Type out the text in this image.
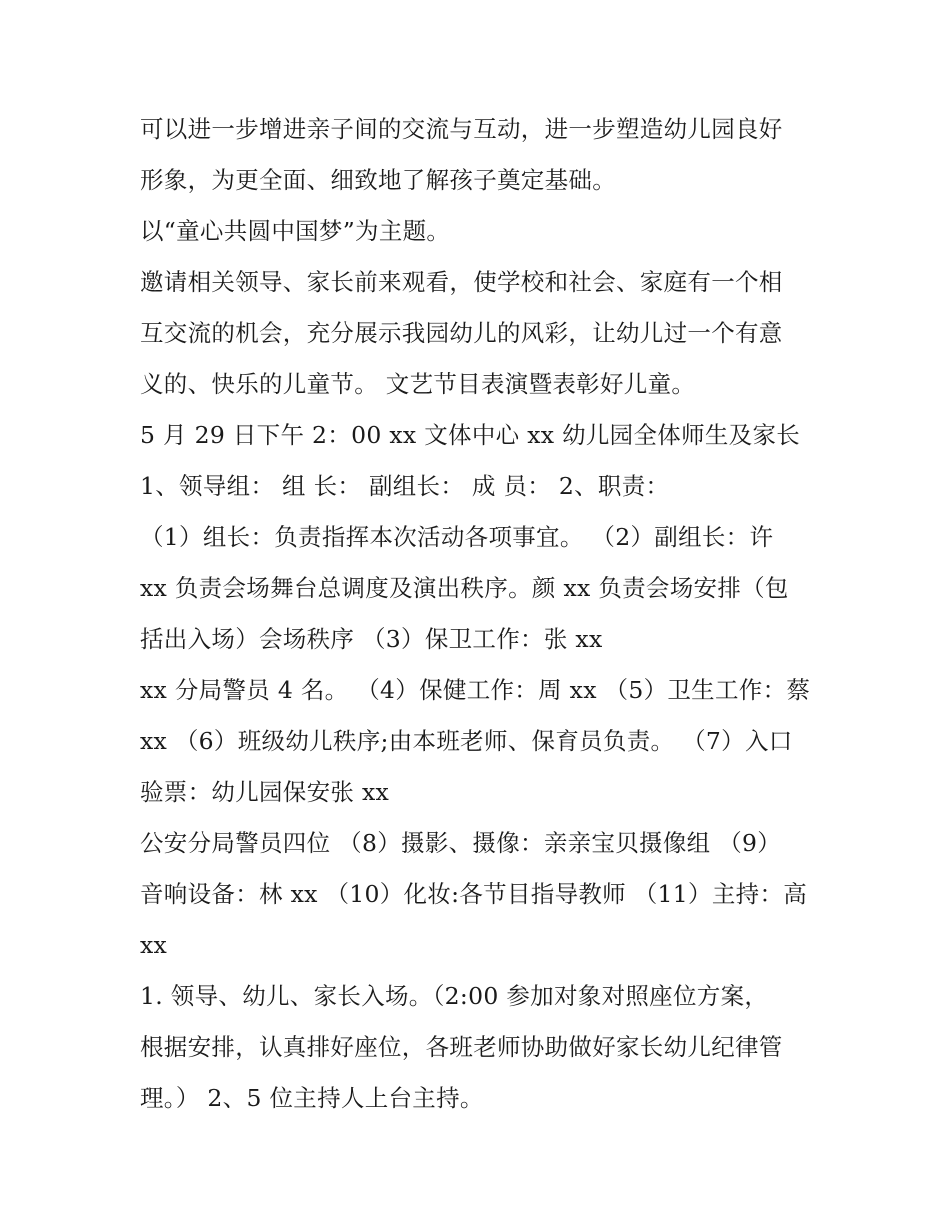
可以进一步增进亲子间的交流与互动，进一步塑造幼儿园良好
形象，为更全面、细致地了解孩子奠定基础。
以“童心共圆中国梦”为主题。
邀请相关领导、家长前来观看，使学校和社会、家庭有一个相
互交流的机会，充分展示我园幼儿的风彩，让幼儿过一个有意
义的、快乐的儿童节。 文艺节目表演暨表彰好儿童。
5 月 29 日下午 2：00 xx 文体中心 xx 幼儿园全体师生及家长
1、领导组： 组 长： 副组长： 成 员： 2、职责：
（1）组长：负责指挥本次活动各项事宜。 （2）副组长：许
xx 负责会场舞台总调度及演出秩序。颜 xx 负责会场安排（包
括出入场）会场秩序 （3）保卫工作：张 xx
xx 分局警员 4 名。 （4）保健工作：周 xx （5）卫生工作：蔡
xx （6）班级幼儿秩序;由本班老师、保育员负责。 （7）入口
验票：幼儿园保安张 xx
公安分局警员四位 （8）摄影、摄像：亲亲宝贝摄像组 （9）
音响设备：林 xx （10）化妆:各节目指导教师 （11）主持：高
xx
1. 领导、幼儿、家长入场。（2:00 参加对象对照座位方案，
根据安排，认真排好座位，各班老师协助做好家长幼儿纪律管
理。） 2、5 位主持人上台主持。
